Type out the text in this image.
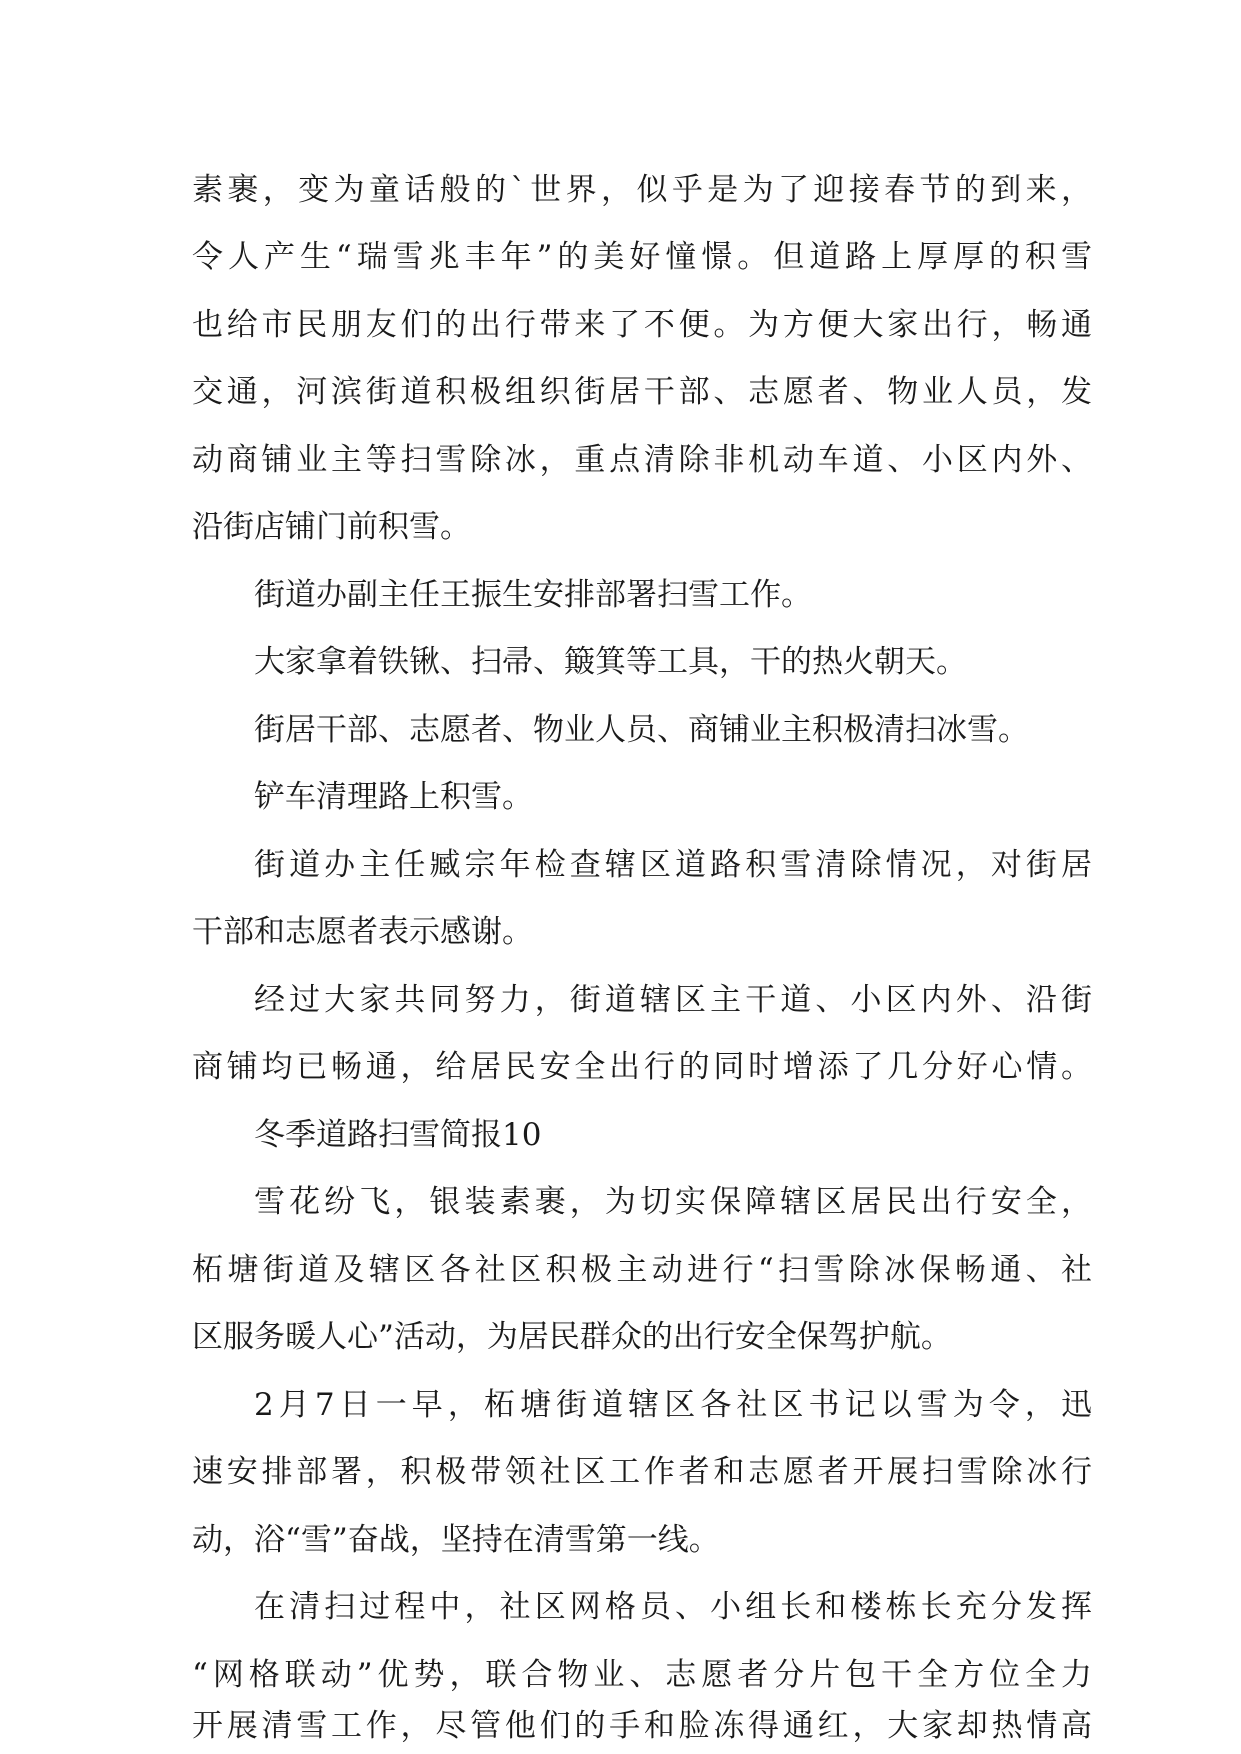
素裹，变为童话般的`世界，似乎是为了迎接春节的到来，
令人产生“瑞雪兆丰年”的美好憧憬。但道路上厚厚的积雪
也给市民朋友们的出行带来了不便。为方便大家出行，畅通
交通，河滨街道积极组织街居干部、志愿者、物业人员，发
动商铺业主等扫雪除冰，重点清除非机动车道、小区内外、
沿街店铺门前积雪。
街道办副主任王振生安排部署扫雪工作。
大家拿着铁锹、扫帚、簸箕等工具，干的热火朝天。
街居干部、志愿者、物业人员、商铺业主积极清扫冰雪。
铲车清理路上积雪。
街道办主任臧宗年检查辖区道路积雪清除情况，对街居
干部和志愿者表示感谢。
经过大家共同努力，街道辖区主干道、小区内外、沿街
商铺均已畅通，给居民安全出行的同时增添了几分好心情。
冬季道路扫雪简报10
雪花纷飞，银装素裹，为切实保障辖区居民出行安全，
柘塘街道及辖区各社区积极主动进行“扫雪除冰保畅通、社
区服务暖人心”活动，为居民群众的出行安全保驾护航。
2月7日一早，柘塘街道辖区各社区书记以雪为令，迅
速安排部署，积极带领社区工作者和志愿者开展扫雪除冰行
动，浴“雪”奋战，坚持在清雪第一线。
在清扫过程中，社区网格员、小组长和楼栋长充分发挥
“网格联动”优势，联合物业、志愿者分片包干全方位全力
开展清雪工作，尽管他们的手和脸冻得通红，大家却热情高
